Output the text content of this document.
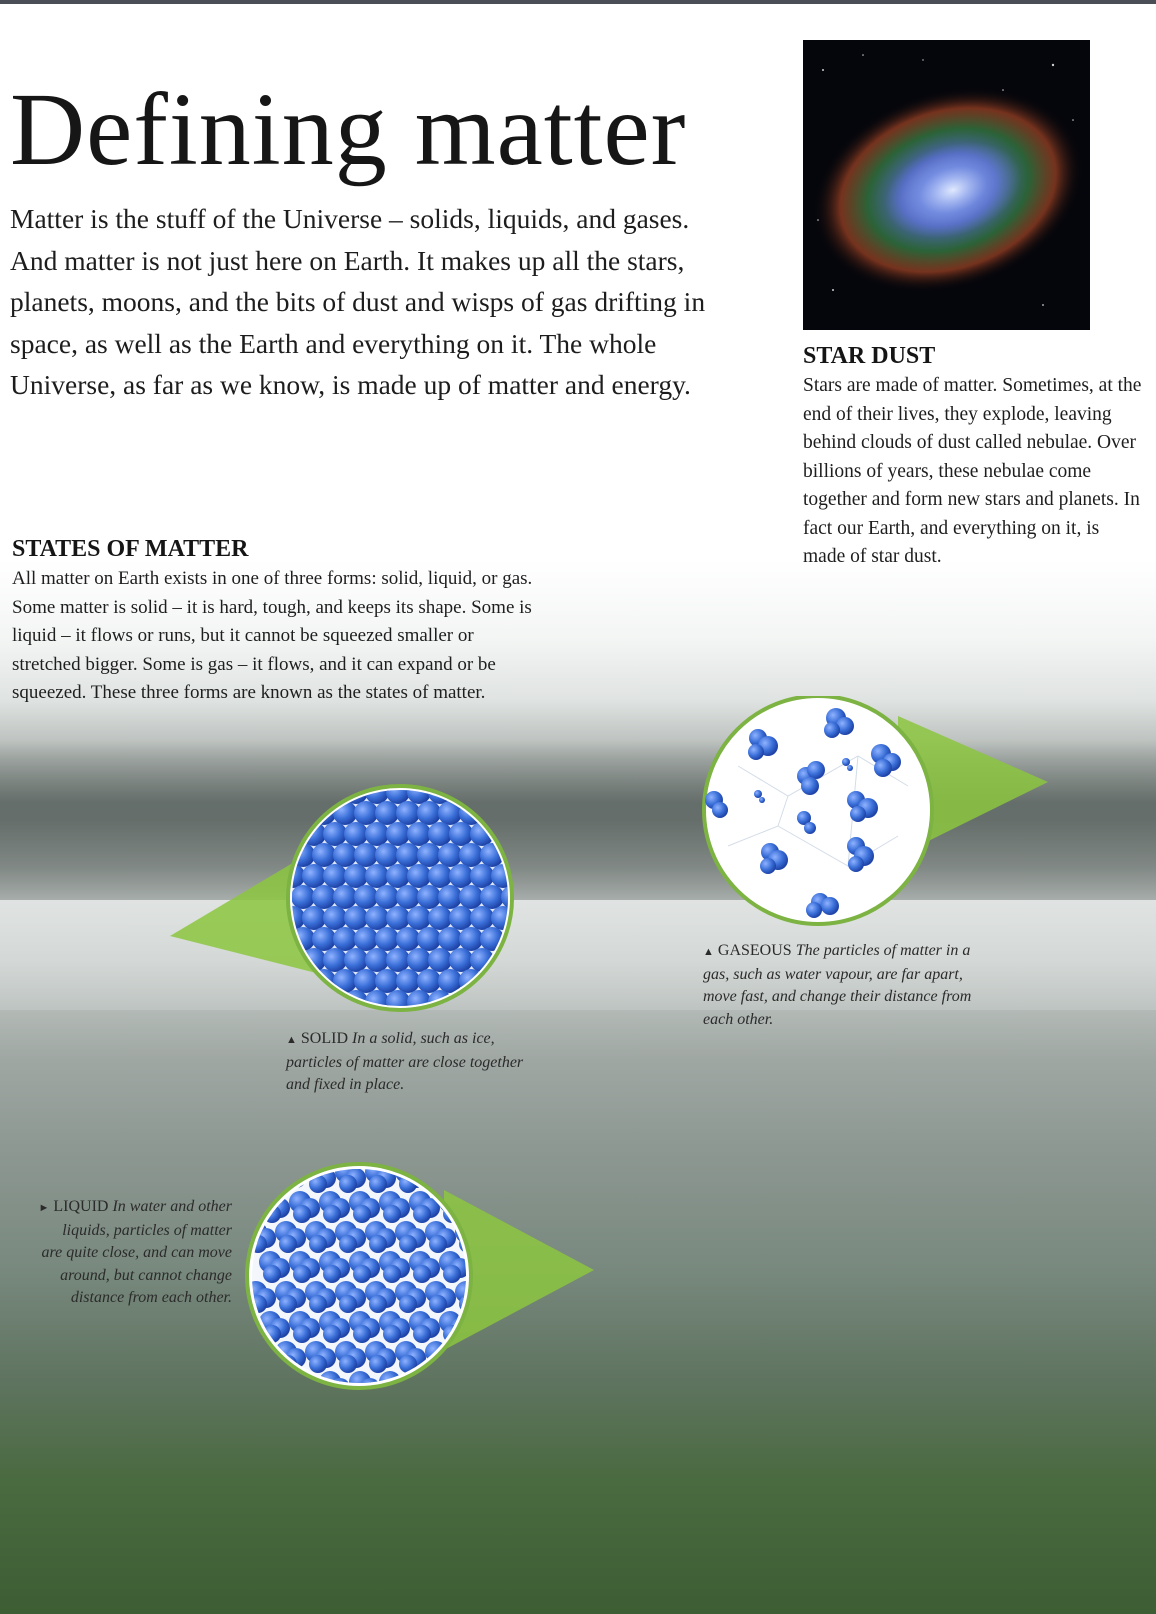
Defining matter

Matter is the stuff of the Universe – solids, liquids, and gases. And matter is not just here on Earth. It makes up all the stars, planets, moons, and the bits of dust and wisps of gas drifting in space, as well as the Earth and everything on it. The whole Universe, as far as we know, is made up of matter and energy.

STAR DUST

Stars are made of matter. Sometimes, at the end of their lives, they explode, leaving behind clouds of dust called nebulae. Over billions of years, these nebulae come together and form new stars and planets. In fact our Earth, and everything on it, is made of star dust.

STATES OF MATTER

All matter on Earth exists in one of three forms: solid, liquid, or gas. Some matter is solid – it is hard, tough, and keeps its shape. Some is liquid – it flows or runs, but it cannot be squeezed smaller or stretched bigger. Some is gas – it flows, and it can expand or be squeezed. These three forms are known as the states of matter.

▲ SOLID In a solid, such as ice, particles of matter are close together and fixed in place.
▲ GASEOUS The particles of matter in a gas, such as water vapour, are far apart, move fast, and change their distance from each other.
► LIQUID In water and other liquids, particles of matter are quite close, and can move around, but cannot change distance from each other.
